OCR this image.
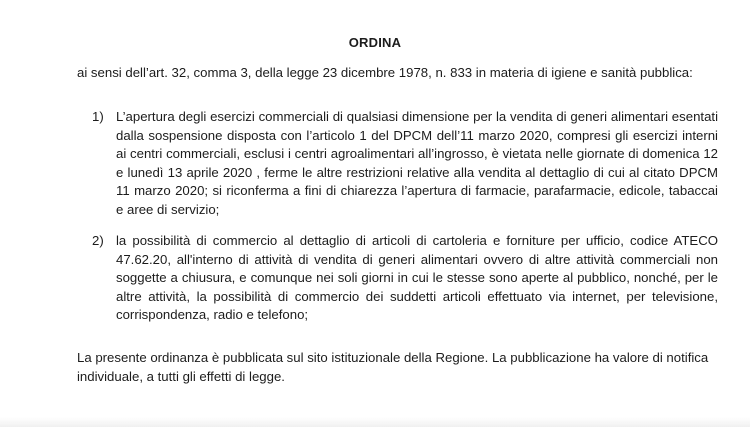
ORDINA
ai sensi dell’art. 32, comma 3, della legge 23 dicembre 1978, n. 833 in materia di igiene e sanità pubblica:
1) L’apertura degli esercizi commerciali di qualsiasi dimensione per la vendita di generi alimentari esentati dalla sospensione disposta con l’articolo 1 del DPCM dell’11 marzo 2020, compresi gli esercizi interni ai centri commerciali, esclusi i centri agroalimentari all’ingrosso, è vietata nelle giornate di domenica 12 e lunedì 13 aprile 2020 , ferme le altre restrizioni relative alla vendita al dettaglio di cui al citato DPCM 11 marzo 2020; si riconferma a fini di chiarezza l’apertura di farmacie, parafarmacie, edicole, tabaccai e aree di servizio;
2) la possibilità di commercio al dettaglio di articoli di cartoleria e forniture per ufficio, codice ATECO 47.62.20, all'interno di attività di vendita di generi alimentari ovvero di altre attività commerciali non soggette a chiusura, e comunque nei soli giorni in cui le stesse sono aperte al pubblico, nonché, per le altre attività, la possibilità di commercio dei suddetti articoli effettuato via internet, per televisione, corrispondenza, radio e telefono;
La presente ordinanza è pubblicata sul sito istituzionale della Regione. La pubblicazione ha valore di notifica individuale, a tutti gli effetti di legge.
